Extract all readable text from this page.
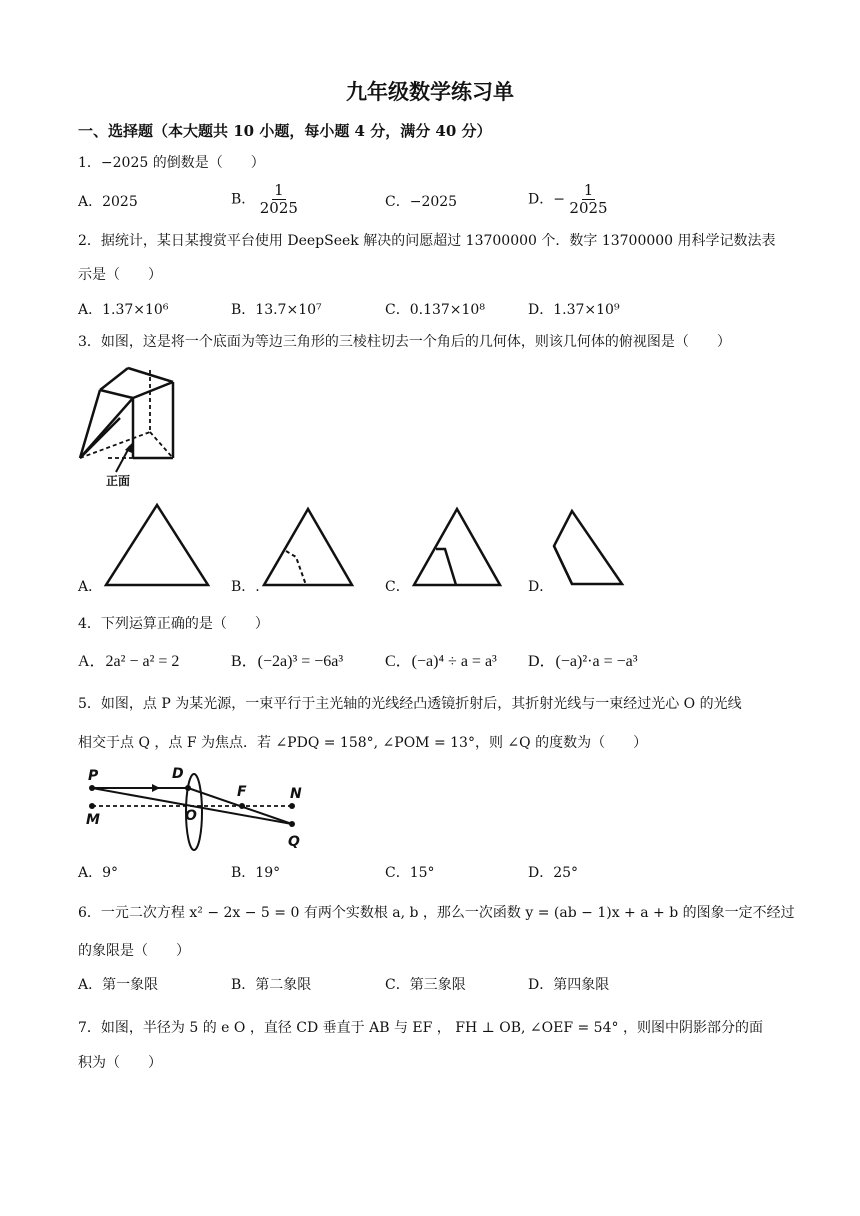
九年级数学练习单
一、选择题（本大题共 10 小题，每小题 4 分，满分 40 分）
1．−2025 的倒数是（　　）
A．2025	B． $\frac{1}{2025}$	C．−2025	D．− $\frac{1}{2025}$
2．据统计，某日某搜赏平台使用 DeepSeek 解决的问愿超过 13700000 个．数字 13700000 用科学记数法表
示是（　　）
A．1.37×10⁶	B．13.7×10⁷	C．0.137×10⁸	D．1.37×10⁹
3．如图，这是将一个底面为等边三角形的三棱柱切去一个角后的几何体，则该几何体的俯视图是（　　）
正面
A．	B．.	C．	D．
4．下列运算正确的是（　　）
A．2a² − a² = 2	B．(−2a)³ = −6a³	C．(−a)⁴ ÷ a = a³ D．(−a)²·a = −a³
5．如图，点 P 为某光源，一束平行于主光轴的光线经凸透镜折射后，其折射光线与一束经过光心 O 的光线
相交于点 Q ，点 F 为焦点．若 ∠PDQ = 158°, ∠POM = 13°，则 ∠Q 的度数为（　　）
P	D
F	N
M	O
Q
A．9°	B．19°	C．15°	D．25°
6．一元二次方程 x² − 2x − 5 = 0 有两个实数根 a, b ，那么一次函数 y = (ab − 1)x + a + b 的图象一定不经过
的象限是（　　）
A．第一象限	B．第二象限	C．第三象限	D．第四象限
7．如图，半径为 5 的 e O ，直径 CD 垂直于 AB 与 EF ， FH ⊥ OB, ∠OEF = 54° ，则图中阴影部分的面
积为（　　）
